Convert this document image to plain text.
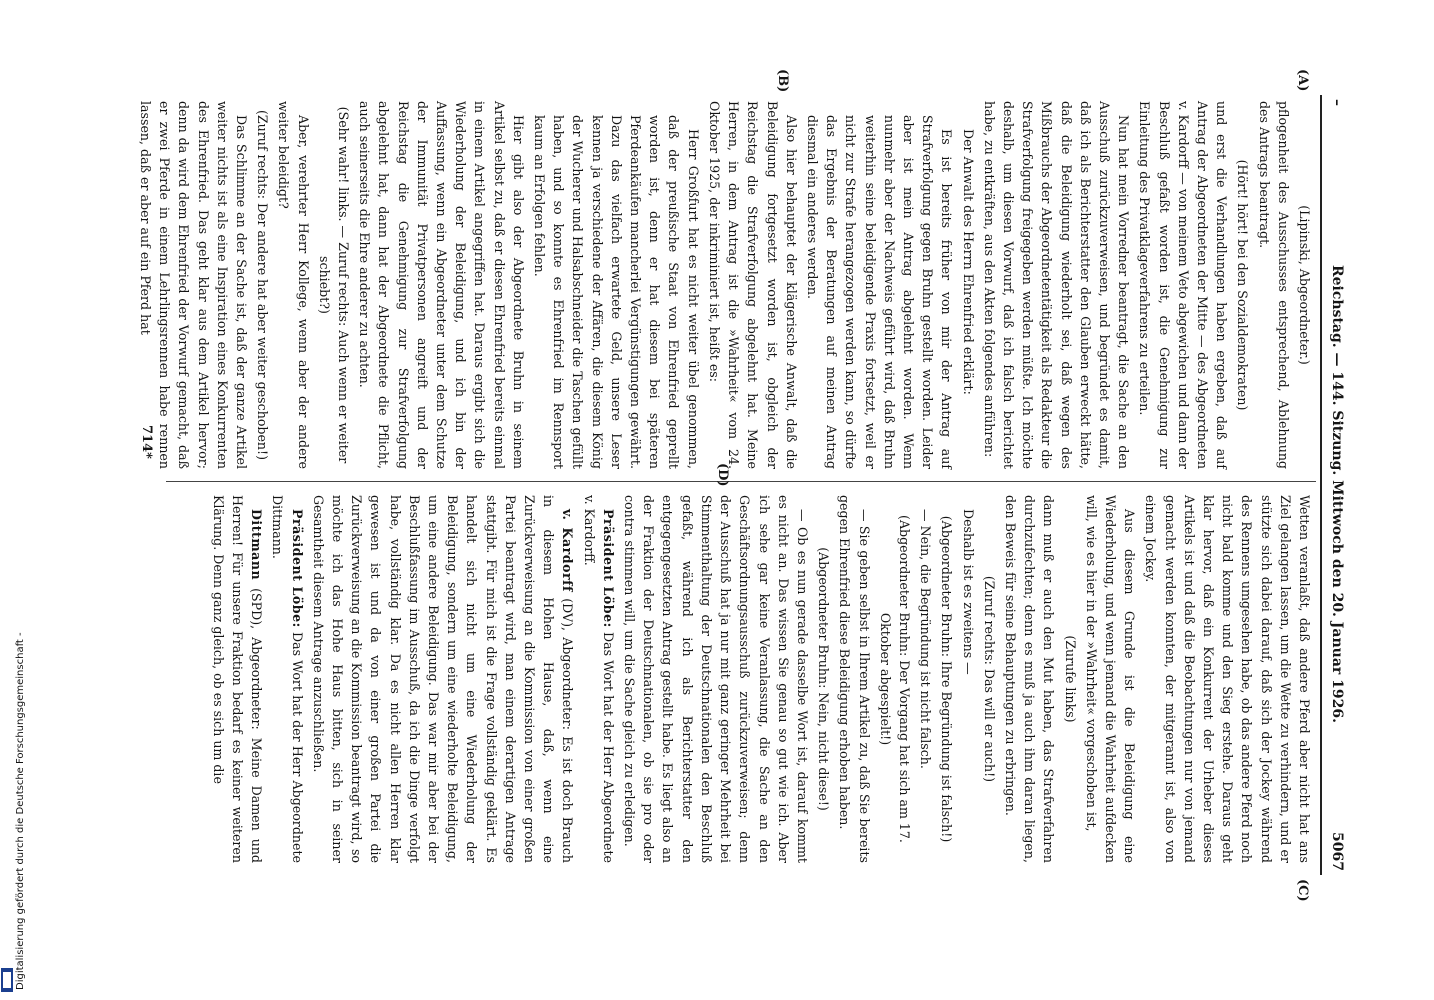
Digitalisierung gefördert durch die Deutsche Forschungsgemeinschaft -
–
Reichstag. — 144. Sitzung. Mittwoch den 20. Januar 1926.
5067
(A)
(B)
(C)
(D)

(Lipinski, Abgeordneter.)

pflogenheit des Ausschusses entsprechend, Ablehnung des Antrags beantragt.

(Hört! hört! bei den Sozialdemokraten)

und erst die Verhandlungen haben ergeben, daß auf Antrag der Abgeordneten der Mitte — des Abgeordneten v. Kardorff — von meinem Veto abgewichen und dann der Beschluß gefaßt worden ist, die Genehmigung zur Einleitung des Privatklageverfahrens zu erteilen.

Nun hat mein Vorredner beantragt, die Sache an den Ausschuß zurückzuverweisen, und begründet es damit, daß ich als Berichterstatter den Glauben erweckt hätte, daß die Beleidigung wiederholt sei, daß wegen des Mißbrauchs der Abgeordnetentätigkeit als Redakteur die Strafverfolgung freigegeben werden müßte. Ich möchte deshalb, um diesen Vorwurf, daß ich falsch berichtet habe, zu entkräften, aus den Akten folgendes anführen:

Der Anwalt des Herrn Ehrenfried erklärt:

Es ist bereits früher von mir der Antrag auf Strafverfolgung gegen Bruhn gestellt worden. Leider aber ist mein Antrag abgelehnt worden. Wenn nunmehr aber der Nachweis geführt wird, daß Bruhn weiterhin seine beleidigende Praxis fortsetzt, weil er nicht zur Strafe herangezogen werden kann, so dürfte das Ergebnis der Beratungen auf meinen Antrag diesmal ein anderes werden.

Also hier behauptet der klägerische Anwalt, daß die Beleidigung fortgesetzt worden ist, obgleich der Reichstag die Strafverfolgung abgelehnt hat. Meine Herren, in dem Antrag ist die »Wahrheit« vom 24. Oktober 1925, der inkriminiert ist, heißt es:

Herr Großfurt hat es nicht weiter übel genommen, daß der preußische Staat von Ehrenfried geprellt worden ist, denn er hat diesem bei späteren Pferdeankäufen mancherlei Vergünstigungen gewährt. Dazu das vielfach erwartete Geld, unsere Leser kennen ja verschiedene der Affären, die diesem König der Wucherer und Halsabschneider die Taschen gefüllt haben, und so konnte es Ehrenfried im Rennsport kaum an Erfolgen fehlen.

Hier gibt also der Abgeordnete Bruhn in seinem Artikel selbst zu, daß er diesen Ehrenfried bereits einmal in einem Artikel angegriffen hat. Daraus ergibt sich die Wiederholung der Beleidigung, und ich bin der Auffassung, wenn ein Abgeordneter unter dem Schutze der Immunität Privatpersonen angreift und der Reichstag die Genehmigung zur Strafverfolgung abgelehnt hat, dann hat der Abgeordnete die Pflicht, auch seinerseits die Ehre anderer zu achten.

(Sehr wahr! links. — Zuruf rechts: Auch wenn er weiter schiebt?)

Aber, verehrter Herr Kollege, wenn aber der andere weiter beleidigt?

(Zuruf rechts: Der andere hat aber weiter geschoben!)

Das Schlimme an der Sache ist, daß der ganze Artikel weiter nichts ist als eine Inspiration eines Konkurrenten des Ehrenfried. Das geht klar aus dem Artikel hervor; denn da wird dem Ehrenfried der Vorwurf gemacht, daß er zwei Pferde in einem Lehrlingsrennen habe rennen lassen, daß er aber auf ein Pferd hat

Wetten veranlaßt, daß andere Pferd aber nicht hat ans Ziel gelangen lassen, um die Wette zu verhindern, und er stützte sich dabei darauf, daß sich der Jockey während des Rennens umgesehen habe, ob das andere Pferd noch nicht bald komme und den Sieg erstehe. Daraus geht klar hervor, daß ein Konkurrent der Urheber dieses Artikels ist und daß die Beobachtungen nur von jemand gemacht werden konnten, der mitgerannt ist, also von einem Jockey.

Aus diesem Grunde ist die Beleidigung eine Wiederholung, und wenn jemand die Wahrheit aufdecken will, wie es hier in der »Wahrheit« vorgeschoben ist,

(Zurufe links)

dann muß er auch den Mut haben, das Strafverfahren durchzufechten; denn es muß ja auch ihm daran liegen, den Beweis für seine Behauptungen zu erbringen.

(Zuruf rechts: Das will er auch!)

Deshalb ist es zweitens —

(Abgeordneter Bruhn: Ihre Begründung ist falsch!)

— Nein, die Begründung ist nicht falsch.

(Abgeordneter Bruhn: Der Vorgang hat sich am 17. Oktober abgespielt!)

— Sie geben selbst in Ihrem Artikel zu, daß Sie bereits gegen Ehrenfried diese Beleidigung erhoben haben.

(Abgeordneter Bruhn: Nein, nicht diese!)

— Ob es nun gerade dasselbe Wort ist, darauf kommt es nicht an. Das wissen Sie genau so gut wie ich. Aber ich sehe gar keine Veranlassung, die Sache an den Geschäftsordnungsausschuß zurückzuverweisen; denn der Ausschuß hat ja nur mit ganz geringer Mehrheit bei Stimmenthaltung der Deutschnationalen den Beschluß gefaßt, während ich als Berichterstatter den entgegengesetzten Antrag gestellt habe. Es liegt also an der Fraktion der Deutschnationalen, ob sie pro oder contra stimmen will, um die Sache gleich zu erledigen.

Präsident Löbe: Das Wort hat der Herr Abgeordnete v. Kardorff.

v. Kardorff (DV), Abgeordneter: Es ist doch Brauch in diesem Hohen Hause, daß, wenn eine Zurückverweisung an die Kommission von einer großen Partei beantragt wird, man einem derartigen Antrage stattgibt. Für mich ist die Frage vollständig geklärt. Es handelt sich nicht um eine Wiederholung der Beleidigung, sondern um eine wiederholte Beleidigung, um eine andere Beleidigung. Das war mir aber bei der Beschlußfassung im Ausschuß, da ich die Dinge verfolgt habe, vollständig klar. Da es nicht allen Herren klar gewesen ist und da von einer großen Partei die Zurückverweisung an die Kommission beantragt wird, so möchte ich das Hohe Haus bitten, sich in seiner Gesamtheit diesem Antrage anzuschließen.

Präsident Löbe: Das Wort hat der Herr Abgeordnete Dittmann.

Dittmann (SPD), Abgeordneter: Meine Damen und Herren! Für unsere Fraktion bedarf es keiner weiteren Klärung. Denn ganz gleich, ob es sich um die

714*
